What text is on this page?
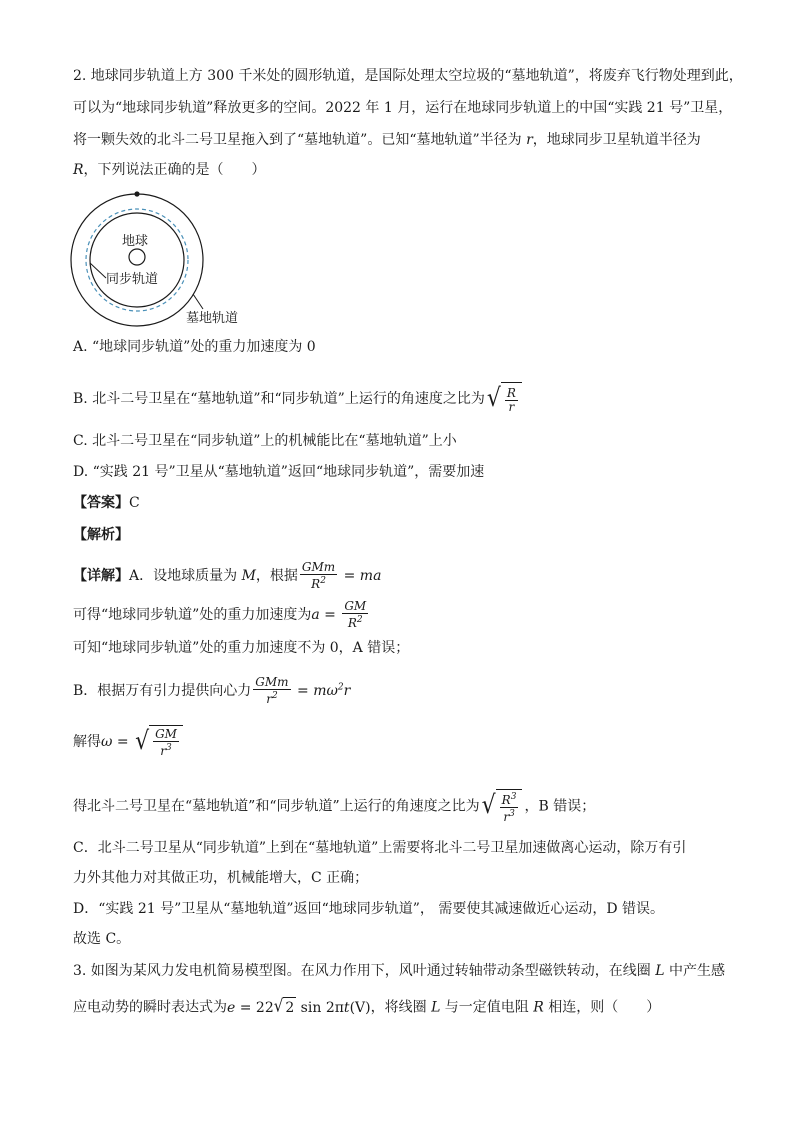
2. 地球同步轨道上方 300 千米处的圆形轨道，是国际处理太空垃圾的“墓地轨道”，将废弃飞行物处理到此，
可以为“地球同步轨道”释放更多的空间。2022 年 1 月，运行在地球同步轨道上的中国“实践 21 号”卫星，
将一颗失效的北斗二号卫星拖入到了“墓地轨道”。已知“墓地轨道”半径为 r，地球同步卫星轨道半径为
R，下列说法正确的是（　　）
地球
同步轨道
墓地轨道
A. “地球同步轨道”处的重力加速度为 0
B. 北斗二号卫星在“墓地轨道”和“同步轨道”上运行的角速度之比为 √ $\frac{R}{r}$
C. 北斗二号卫星在“同步轨道”上的机械能比在“墓地轨道”上小
D. “实践 21 号”卫星从“墓地轨道”返回“地球同步轨道”，需要加速
【答案】C
【解析】
【详解】A．设地球质量为 M，根据 $\frac{\text{GMm}}{R^2}$ = ma
可得“地球同步轨道”处的重力加速度为$a = \frac{GM}{R^2}$
可知“地球同步轨道”处的重力加速度不为 0，A 错误；
B．根据万有引力提供向心力 $\frac{\text{GMm}}{r^2} = m\omega^2r$
解得ω = √ $\frac{GM}{r^3}$
得北斗二号卫星在“墓地轨道”和“同步轨道”上运行的角速度之比为 √ $\frac{R^3}{r^3}$ ，B 错误；
C．北斗二号卫星从“同步轨道”上到在“墓地轨道”上需要将北斗二号卫星加速做离心运动，除万有引
力外其他力对其做正功，机械能增大，C 正确；
D．“实践 21 号”卫星从“墓地轨道”返回“地球同步轨道”， 需要使其减速做近心运动，D 错误。
故选 C。
3. 如图为某风力发电机简易模型图。在风力作用下，风叶通过转轴带动条型磁铁转动，在线圈 L 中产生感
应电动势的瞬时表达式为e = 22 √ 2 sin 2πt(V)，将线圈 L 与一定值电阻 R 相连，则（　　）
